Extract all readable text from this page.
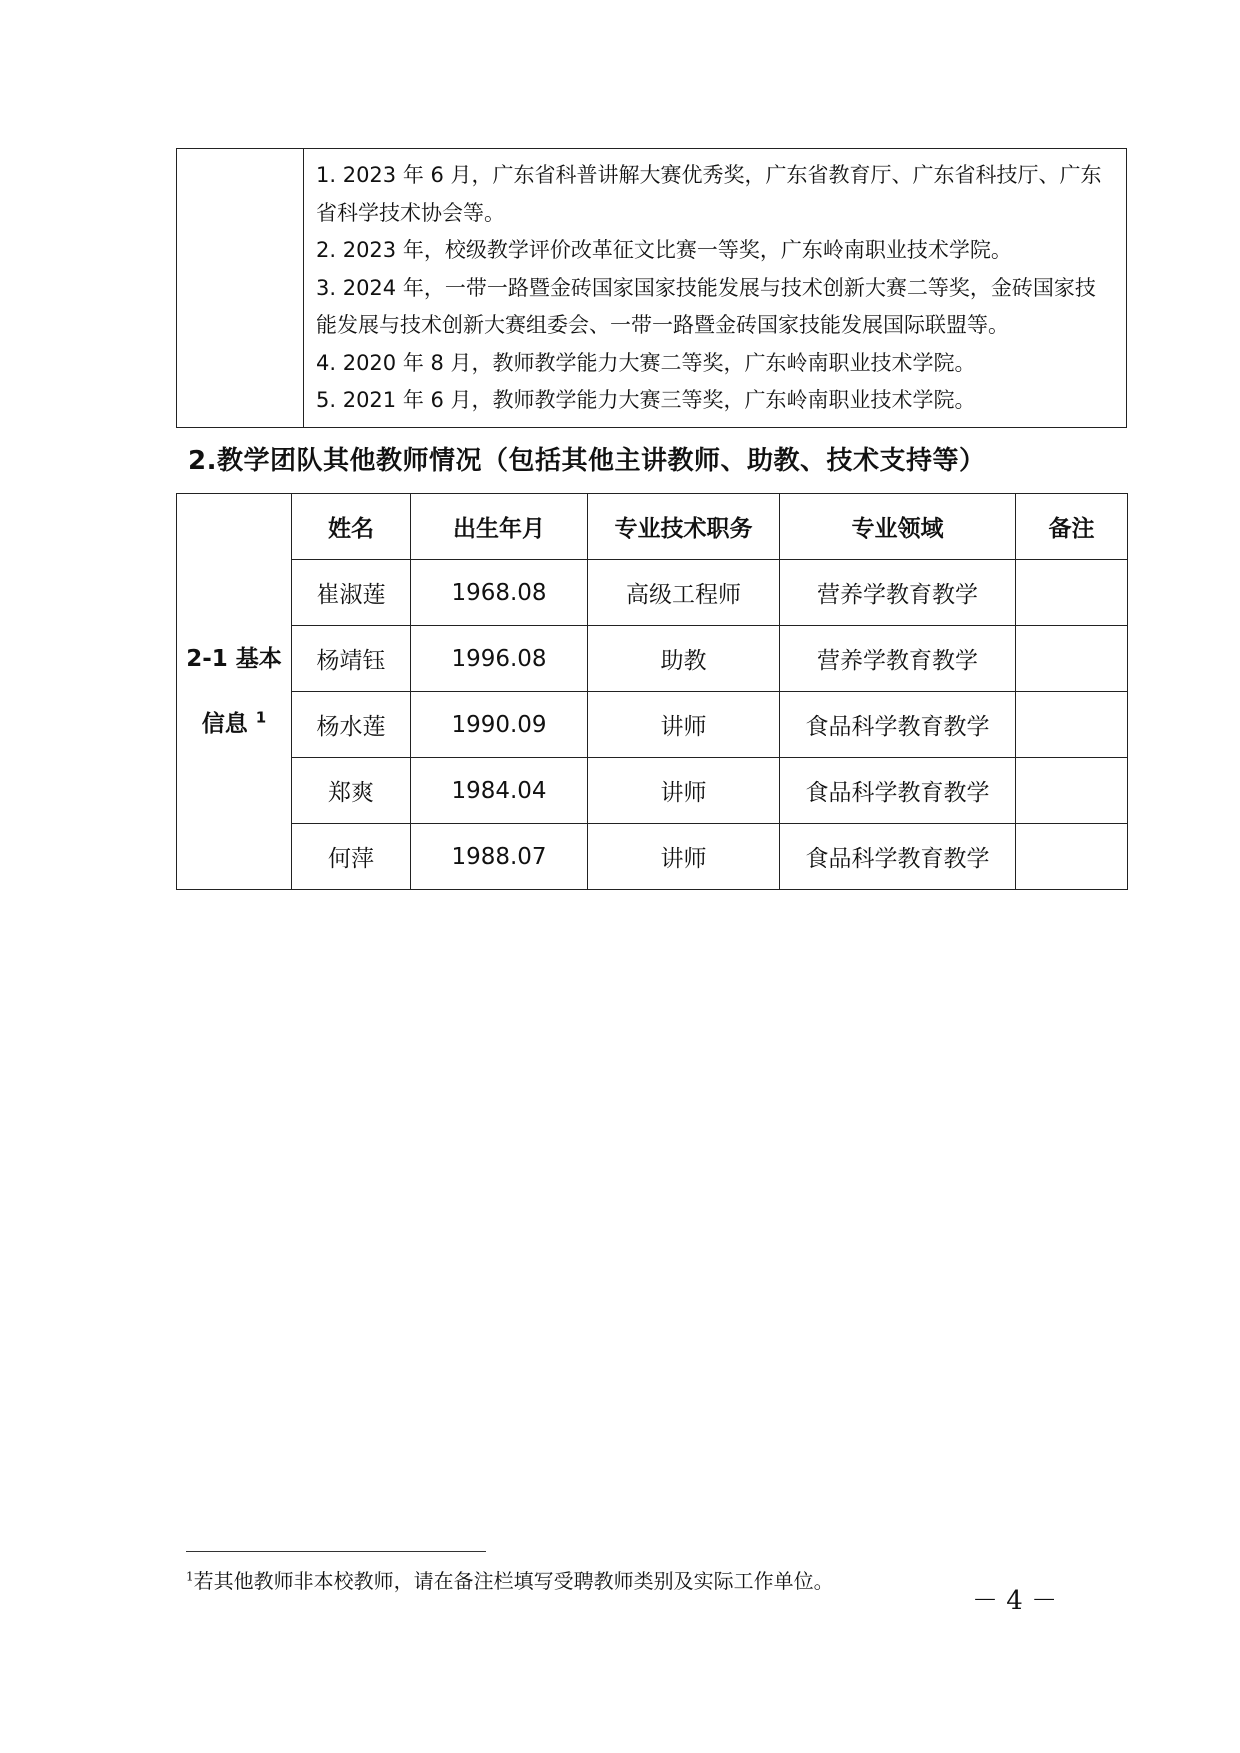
1. 2023 年 6 月，广东省科普讲解大赛优秀奖，广东省教育厅、广东省科技厅、广东省科学技术协会等。

2. 2023 年，校级教学评价改革征文比赛一等奖，广东岭南职业技术学院。

3. 2024 年，一带一路暨金砖国家国家技能发展与技术创新大赛二等奖，金砖国家技能发展与技术创新大赛组委会、一带一路暨金砖国家技能发展国际联盟等。

4. 2020 年 8 月，教师教学能力大赛二等奖，广东岭南职业技术学院。

5. 2021 年 6 月，教师教学能力大赛三等奖，广东岭南职业技术学院。

2.教学团队其他教师情况（包括其他主讲教师、助教、技术支持等）
2-1 基本
信息 $^1$	姓名	出生年月	专业技术职务	专业领域	备注
	崔淑莲	1968.08	高级工程师	营养学教育教学	
	杨靖钰	1996.08	助教	营养学教育教学	
	杨水莲	1990.09	讲师	食品科学教育教学	
	郑爽	1984.04	讲师	食品科学教育教学	
	何萍	1988.07	讲师	食品科学教育教学	
$^1$若其他教师非本校教师，请在备注栏填写受聘教师类别及实际工作单位。
－ 4 －
